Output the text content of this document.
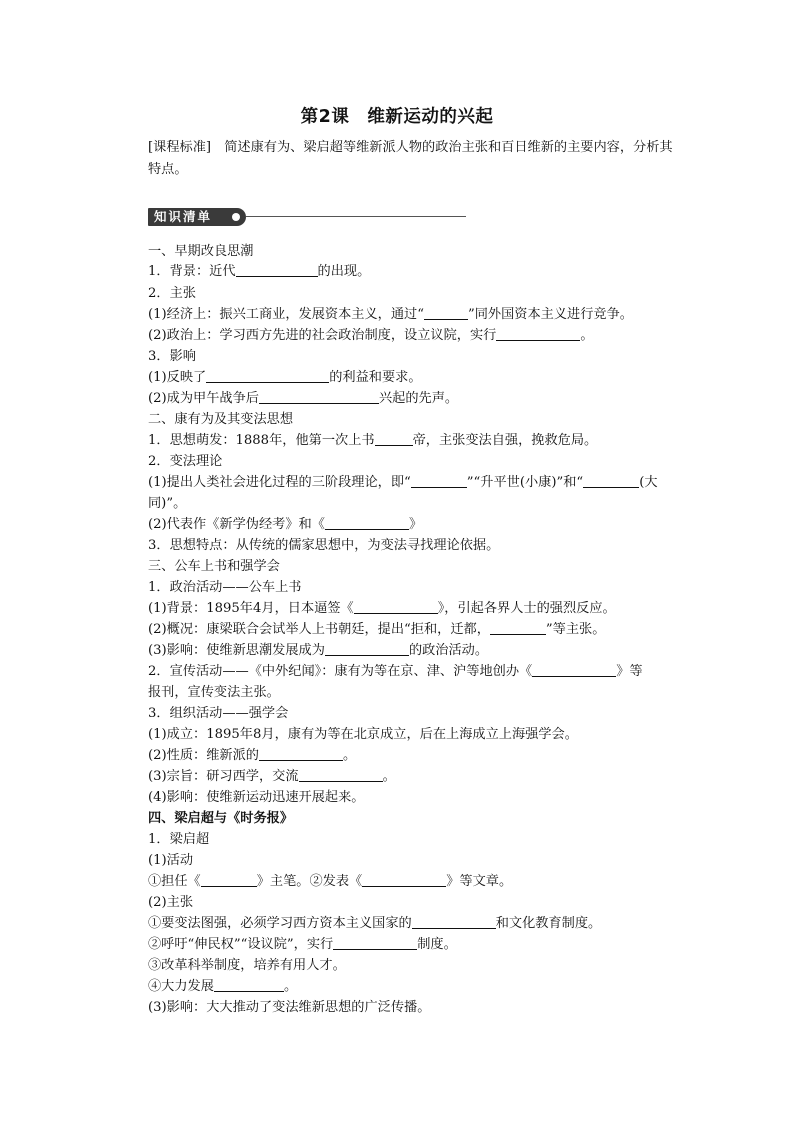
第2课　维新运动的兴起
[课程标准]　简述康有为、梁启超等维新派人物的政治主张和百日维新的主要内容，分析其特点。
知识清单
一、早期改良思潮
1．背景：近代	的出现。
2．主张
(1)经济上：振兴工商业，发展资本主义，通过“	”同外国资本主义进行竞争。
(2)政治上：学习西方先进的社会政治制度，设立议院，实行	。
3．影响
(1)反映了	的利益和要求。
(2)成为甲午战争后	兴起的先声。
二、康有为及其变法思想
1．思想萌发：1888年，他第一次上书	帝，主张变法自强，挽救危局。
2．变法理论
(1)提出人类社会进化过程的三阶段理论，即“	”“升平世(小康)”和“	(大
同)”。
(2)代表作《新学伪经考》和《	》
3．思想特点：从传统的儒家思想中，为变法寻找理论依据。
三、公车上书和强学会
1．政治活动——公车上书
(1)背景：1895年4月，日本逼签《	》，引起各界人士的强烈反应。
(2)概况：康梁联合会试举人上书朝廷，提出“拒和，迁都，	”等主张。
(3)影响：使维新思潮发展成为	的政治活动。
2．宣传活动——《中外纪闻》：康有为等在京、津、沪等地创办《	》等
报刊，宣传变法主张。
3．组织活动——强学会
(1)成立：1895年8月，康有为等在北京成立，后在上海成立上海强学会。
(2)性质：维新派的	。
(3)宗旨：研习西学，交流	。
(4)影响：使维新运动迅速开展起来。
四、梁启超与《时务报》
1．梁启超
(1)活动
①担任《	》主笔。②发表《	》等文章。
(2)主张
①要变法图强，必须学习西方资本主义国家的	和文化教育制度。
②呼吁“伸民权”“设议院”，实行	制度。
③改革科举制度，培养有用人才。
④大力发展	。
(3)影响：大大推动了变法维新思想的广泛传播。
